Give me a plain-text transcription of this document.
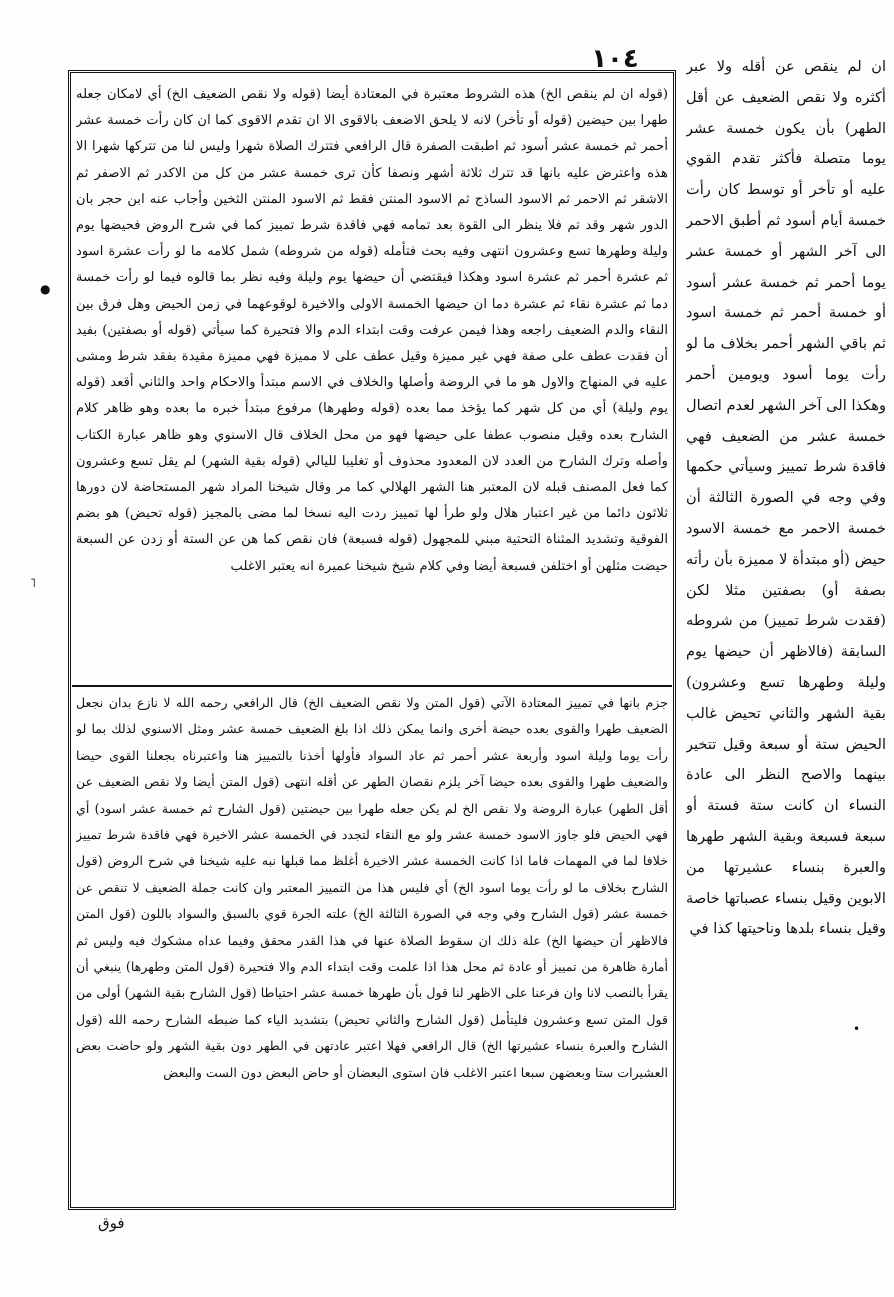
١٠٤
(قوله ان لم ينقص الخ) هذه الشروط معتبرة في المعتادة أيضا (قوله ولا نقص الضعيف الخ) أي لامكان جعله طهرا بين حيضين (قوله أو تأخر) لانه لا يلحق الاضعف بالاقوى الا ان تقدم الاقوى كما ان كان رأت خمسة عشر أحمر ثم خمسة عشر أسود ثم اطبقت الصفرة قال الرافعي فتترك الصلاة شهرا وليس لنا من تتركها شهرا الا هذه واعترض عليه بانها قد تترك ثلاثة أشهر ونصفا كأن ترى خمسة عشر من كل من الاكدر ثم الاصفر ثم الاشقر ثم الاحمر ثم الاسود الساذج ثم الاسود المنتن فقط ثم الاسود المنتن الثخين وأجاب عنه ابن حجر بان الدور شهر وقد تم فلا ينظر الى القوة بعد تمامه فهي فاقدة شرط تمييز كما في شرح الروض فحيضها يوم وليلة وطهرها تسع وعشرون انتهى وفيه بحث فتأمله (قوله من شروطه) شمل كلامه ما لو رأت عشرة اسود ثم عشرة أحمر ثم عشرة اسود وهكذا فيقتضي أن حيضها يوم وليلة وفيه نظر بما قالوه فيما لو رأت خمسة دما ثم عشرة نقاء ثم عشرة دما ان حيضها الخمسة الاولى والاخيرة لوقوعهما في زمن الحيض وهل فرق بين النقاء والدم الضعيف راجعه وهذا فيمن عرفت وقت ابتداء الدم والا فتحيرة كما سيأتي (قوله أو بصفتين) بفيد أن فقدت عطف على صفة فهي غير مميزة وقيل عطف على لا مميزة فهي مميزة مقيدة بفقد شرط ومشى عليه في المنهاج والاول هو ما في الروضة وأصلها والخلاف في الاسم مبتدأ والاحكام واحد والثاني أقعد (قوله يوم وليلة) أي من كل شهر كما يؤخذ مما بعده (قوله وطهرها) مرفوع مبتدأ خبره ما بعده وهو ظاهر كلام الشارح بعده وقيل منصوب عطفا على حيضها فهو من محل الخلاف قال الاسنوي وهو ظاهر عبارة الكتاب وأصله وترك الشارح من العدد لان المعدود محذوف أو تغليبا لليالي (قوله بقية الشهر) لم يقل تسع وعشرون كما فعل المصنف قبله لان المعتبر هنا الشهر الهلالي كما مر وقال شيخنا المراد شهر المستحاضة لان دورها ثلاثون دائما من غير اعتبار هلال ولو طرأ لها تمييز ردت اليه نسخا لما مضى بالمجيز (قوله تحيض) هو بضم الفوقية وتشديد المثناة التحتية مبني للمجهول (قوله فسبعة) فان نقص كما هن عن الستة أو زدن عن السبعة حيضت مثلهن أو اختلفن فسبعة أيضا وفي كلام شيخ شيخنا عميرة انه يعتبر الاغلب
جزم بانها في تمييز المعتادة الآتي (قول المتن ولا نقص الضعيف الخ) قال الرافعي رحمه الله لا نازع بدان نجعل الضعيف طهرا والقوى بعده حيضة أخرى وانما يمكن ذلك اذا بلغ الضعيف خمسة عشر ومثل الاسنوي لذلك بما لو رأت يوما وليلة اسود وأربعة عشر أحمر ثم عاد السواد فأولها أخذنا بالتمييز هنا واعتبرناه بجعلنا القوى حيضا والضعيف طهرا والقوى بعده حيضا آخر يلزم نقصان الطهر عن أقله انتهى (قول المتن أيضا ولا نقص الضعيف عن أقل الطهر) عبارة الروضة ولا نقص الخ لم يكن جعله طهرا بين حيضتين (قول الشارح ثم خمسة عشر اسود) أي فهي الحيض فلو جاوز الاسود خمسة عشر ولو مع النقاء لتجدد في الخمسة عشر الاخيرة فهي فاقدة شرط تمييز خلافا لما في المهمات فاما اذا كانت الخمسة عشر الاخيرة أغلظ مما قبلها نبه عليه شيخنا في شرح الروض (قول الشارح بخلاف ما لو رأت يوما اسود الخ) أي فليس هذا من التمييز المعتبر وان كانت جملة الضعيف لا تنقص عن خمسة عشر (قول الشارح وفي وجه في الصورة الثالثة الخ) علته الجرة قوي بالسبق والسواد باللون (قول المتن فالاظهر أن حيضها الخ) علة ذلك ان سقوط الصلاة عنها في هذا القدر محقق وفيما عداه مشكوك فيه وليس ثم أمارة ظاهرة من تمييز أو عادة ثم محل هذا اذا علمت وقت ابتداء الدم والا فتحيرة (قول المتن وطهرها) ينبغي أن يقرأ بالنصب لانا وان فرعنا على الاظهر لنا قول بأن طهرها خمسة عشر احتياطا (قول الشارح بقية الشهر) أولى من قول المتن تسع وعشرون فليتأمل (قول الشارح والثاني تحيض) بتشديد الياء كما ضبطه الشارح رحمه الله (قول الشارح والعبرة بنساء عشيرتها الخ) قال الرافعي فهلا اعتبر عادتهن في الطهر دون بقية الشهر ولو حاضت بعض العشيرات ستا وبعضهن سبعا اعتبر الاغلب فان استوى البعضان أو حاض البعض دون الست والبعض
ان لم ينقص عن أقله ولا عبر أكثره ولا نقص الضعيف عن أقل الطهر) بأن يكون خمسة عشر يوما متصلة فأكثر تقدم القوي عليه أو تأخر أو توسط كان رأت خمسة أيام أسود ثم أطبق الاحمر الى آخر الشهر أو خمسة عشر يوما أحمر ثم خمسة عشر أسود أو خمسة أحمر ثم خمسة اسود ثم باقي الشهر أحمر بخلاف ما لو رأت يوما أسود ويومين أحمر وهكذا الى آخر الشهر لعدم اتصال خمسة عشر من الضعيف فهي فاقدة شرط تمييز وسيأتي حكمها وفي وجه في الصورة الثالثة أن خمسة الاحمر مع خمسة الاسود حيض (أو مبتدأة لا مميزة بأن رأته بصفة أو) بصفتين مثلا لكن (فقدت شرط تمييز) من شروطه السابقة (فالاظهر أن حيضها يوم وليلة وطهرها تسع وعشرون) بقية الشهر والثاني تحيض غالب الحيض ستة أو سبعة وقيل تتخير بينهما والاصح النظر الى عادة النساء ان كانت ستة فستة أو سبعة فسبعة وبقية الشهر طهرها والعبرة بنساء عشيرتها من الابوين وقيل بنساء عصباتها خاصة وقيل بنساء بلدها وناحيتها كذا في
فوق
●
˥
•
